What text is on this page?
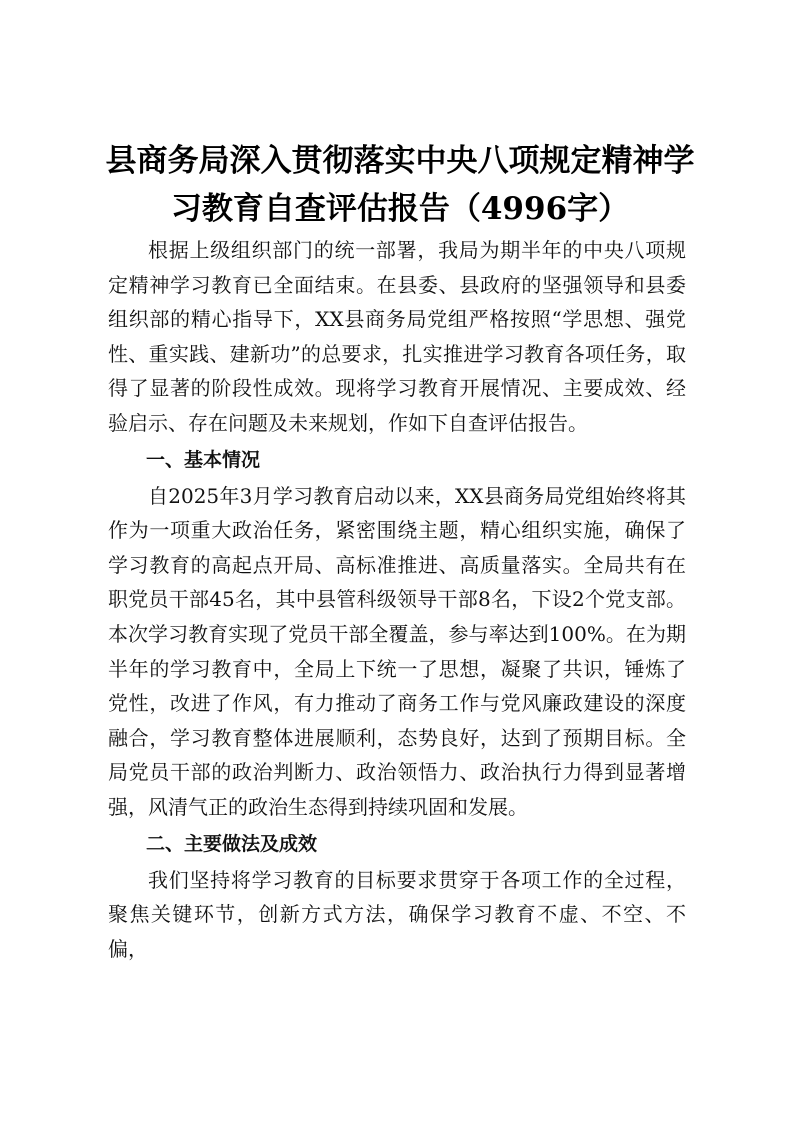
县商务局深入贯彻落实中央八项规定精神学习教育自查评估报告（4996字）

根据上级组织部门的统一部署，我局为期半年的中央八项规定精神学习教育已全面结束。在县委、县政府的坚强领导和县委组织部的精心指导下，XX县商务局党组严格按照“学思想、强党性、重实践、建新功”的总要求，扎实推进学习教育各项任务，取得了显著的阶段性成效。现将学习教育开展情况、主要成效、经验启示、存在问题及未来规划，作如下自查评估报告。

一、基本情况

自2025年3月学习教育启动以来，XX县商务局党组始终将其作为一项重大政治任务，紧密围绕主题，精心组织实施，确保了学习教育的高起点开局、高标准推进、高质量落实。全局共有在职党员干部45名，其中县管科级领导干部8名，下设2个党支部。本次学习教育实现了党员干部全覆盖，参与率达到100%。在为期半年的学习教育中，全局上下统一了思想，凝聚了共识，锤炼了党性，改进了作风，有力推动了商务工作与党风廉政建设的深度融合，学习教育整体进展顺利，态势良好，达到了预期目标。全局党员干部的政治判断力、政治领悟力、政治执行力得到显著增强，风清气正的政治生态得到持续巩固和发展。

二、主要做法及成效

我们坚持将学习教育的目标要求贯穿于各项工作的全过程，聚焦关键环节，创新方式方法，确保学习教育不虚、不空、不偏，
